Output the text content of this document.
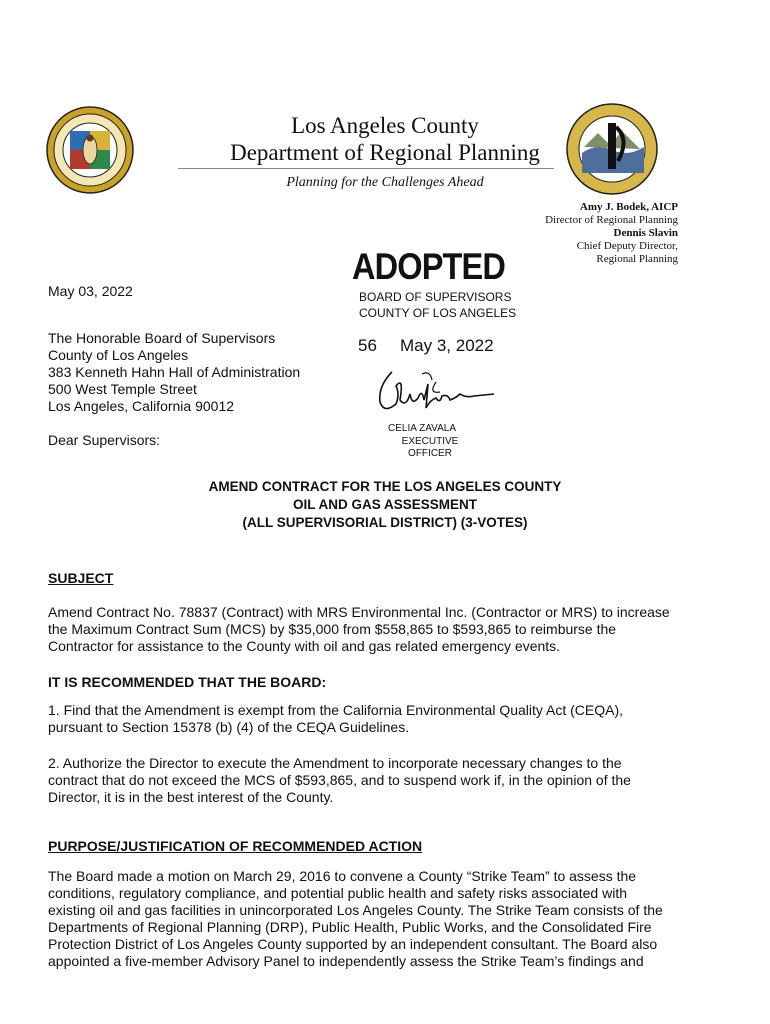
Los Angeles County
Department of Regional Planning
Planning for the Challenges Ahead
Amy J. Bodek, AICP
Director of Regional Planning
Dennis Slavin
Chief Deputy Director,
Regional Planning
ADOPTED
BOARD OF SUPERVISORS
COUNTY OF LOS ANGELES
56 May 3, 2022
CELIA ZAVALA
EXECUTIVE OFFICER
May 03, 2022
The Honorable Board of Supervisors
County of Los Angeles
383 Kenneth Hahn Hall of Administration
500 West Temple Street
Los Angeles, California 90012
Dear Supervisors:
AMEND CONTRACT FOR THE LOS ANGELES COUNTY
OIL AND GAS ASSESSMENT
(ALL SUPERVISORIAL DISTRICT) (3-VOTES)
SUBJECT
Amend Contract No. 78837 (Contract) with MRS Environmental Inc. (Contractor or MRS) to increase
the Maximum Contract Sum (MCS) by $35,000 from $558,865 to $593,865 to reimburse the
Contractor for assistance to the County with oil and gas related emergency events.
IT IS RECOMMENDED THAT THE BOARD:
1. Find that the Amendment is exempt from the California Environmental Quality Act (CEQA),
pursuant to Section 15378 (b) (4) of the CEQA Guidelines.
2. Authorize the Director to execute the Amendment to incorporate necessary changes to the
contract that do not exceed the MCS of $593,865, and to suspend work if, in the opinion of the
Director, it is in the best interest of the County.
PURPOSE/JUSTIFICATION OF RECOMMENDED ACTION
The Board made a motion on March 29, 2016 to convene a County “Strike Team” to assess the
conditions, regulatory compliance, and potential public health and safety risks associated with
existing oil and gas facilities in unincorporated Los Angeles County. The Strike Team consists of the
Departments of Regional Planning (DRP), Public Health, Public Works, and the Consolidated Fire
Protection District of Los Angeles County supported by an independent consultant. The Board also
appointed a five-member Advisory Panel to independently assess the Strike Team’s findings and
